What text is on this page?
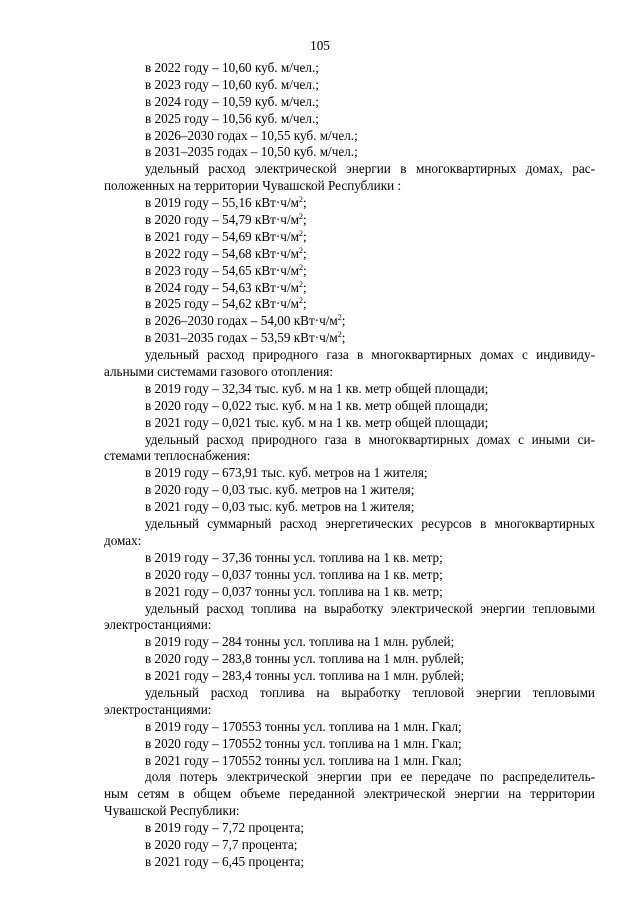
105
в 2022 году – 10,60 куб. м/чел.;
в 2023 году – 10,60 куб. м/чел.;
в 2024 году – 10,59 куб. м/чел.;
в 2025 году – 10,56 куб. м/чел.;
в 2026–2030 годах – 10,55 куб. м/чел.;
в 2031–2035 годах – 10,50 куб. м/чел.;
удельный расход электрической энергии в многоквартирных домах, рас-
положенных на территории Чувашской Республики :
в 2019 году – 55,16 $кВт\cdot ч/м^2$;
в 2020 году – 54,79 $кВт\cdot ч/м^2$;
в 2021 году – 54,69 $кВт\cdot ч/м^2$;
в 2022 году – 54,68 $кВт\cdot ч/м^2$;
в 2023 году – 54,65 $кВт\cdot ч/м^2$;
в 2024 году – 54,63 $кВт\cdot ч/м^2$;
в 2025 году – 54,62 $кВт\cdot ч/м^2$;
в 2026–2030 годах – 54,00 $кВт\cdot ч/м^2$;
в 2031–2035 годах – 53,59 $кВт\cdot ч/м^2$;
удельный расход природного газа в многоквартирных домах с индивиду-
альными системами газового отопления:
в 2019 году – 32,34 тыс. куб. м на 1 кв. метр общей площади;
в 2020 году – 0,022 тыс. куб. м на 1 кв. метр общей площади;
в 2021 году – 0,021 тыс. куб. м на 1 кв. метр общей площади;
удельный расход природного газа в многоквартирных домах с иными си-
стемами теплоснабжения:
в 2019 году – 673,91 тыс. куб. метров на 1 жителя;
в 2020 году – 0,03 тыс. куб. метров на 1 жителя;
в 2021 году – 0,03 тыс. куб. метров на 1 жителя;
удельный суммарный расход энергетических ресурсов в многоквартирных
домах:
в 2019 году – 37,36 тонны усл. топлива на 1 кв. метр;
в 2020 году – 0,037 тонны усл. топлива на 1 кв. метр;
в 2021 году – 0,037 тонны усл. топлива на 1 кв. метр;
удельный расход топлива на выработку электрической энергии тепловыми
электростанциями:
в 2019 году – 284 тонны усл. топлива на 1 млн. рублей;
в 2020 году – 283,8 тонны усл. топлива на 1 млн. рублей;
в 2021 году – 283,4 тонны усл. топлива на 1 млн. рублей;
удельный расход топлива на выработку тепловой энергии тепловыми
электростанциями:
в 2019 году – 170553 тонны усл. топлива на 1 млн. Гкал;
в 2020 году – 170552 тонны усл. топлива на 1 млн. Гкал;
в 2021 году – 170552 тонны усл. топлива на 1 млн. Гкал;
доля потерь электрической энергии при ее передаче по распределитель-
ным сетям в общем объеме переданной электрической энергии на территории
Чувашской Республики:
в 2019 году – 7,72 процента;
в 2020 году – 7,7 процента;
в 2021 году – 6,45 процента;
